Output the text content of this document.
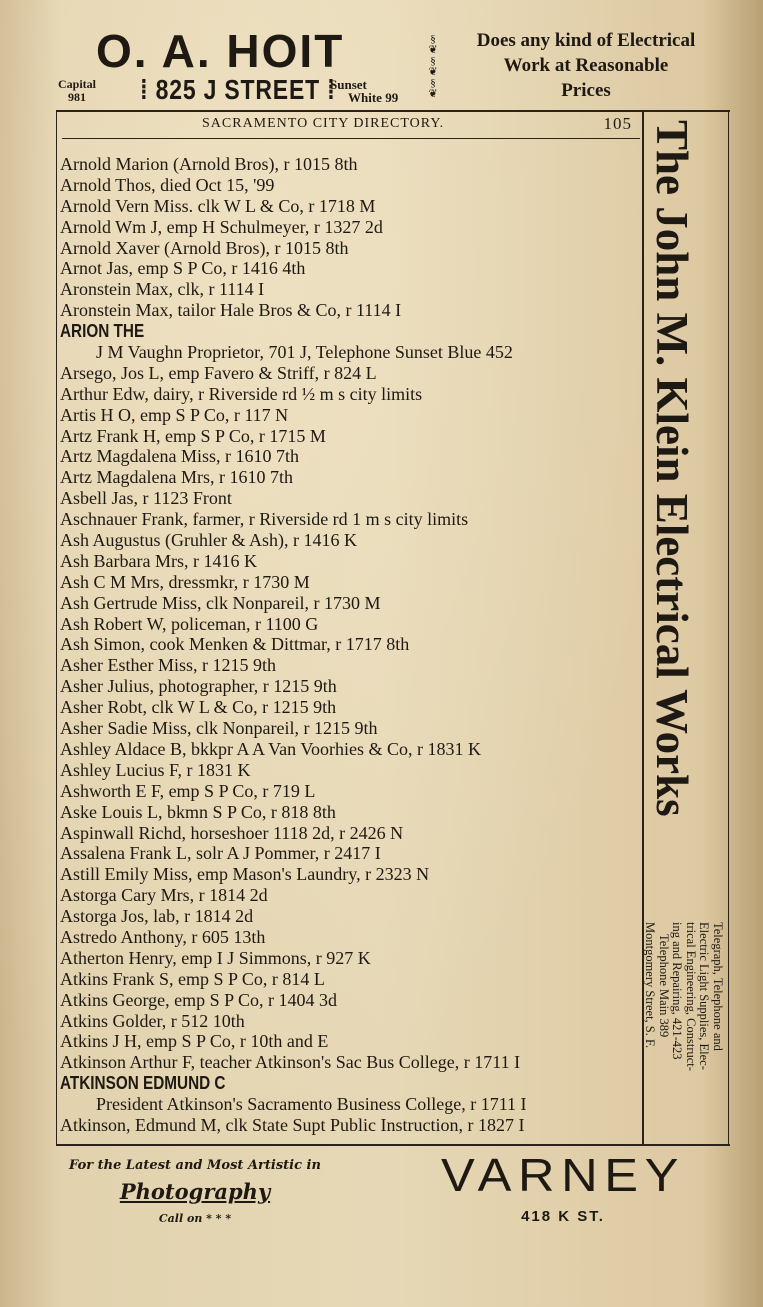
O. A. HOIT
Capital
981	⁞ 825 J STREET ⁞
Sunset
White 99
§
❦
§
❦
§
❦
Does any kind of Electrical
Work at Reasonable
Prices
SACRAMENTO CITY DIRECTORY.	105
Arnold Marion (Arnold Bros), r 1015 8th
Arnold Thos, died Oct 15, '99
Arnold Vern Miss. clk W L & Co, r 1718 M
Arnold Wm J, emp H Schulmeyer, r 1327 2d
Arnold Xaver (Arnold Bros), r 1015 8th
Arnot Jas, emp S P Co, r 1416 4th
Aronstein Max, clk, r 1114 I
Aronstein Max, tailor Hale Bros & Co, r 1114 I
ARION THE
J M Vaughn Proprietor, 701 J, Telephone Sunset Blue 452
Arsego, Jos L, emp Favero & Striff, r 824 L
Arthur Edw, dairy, r Riverside rd ½ m s city limits
Artis H O, emp S P Co, r 117 N
Artz Frank H, emp S P Co, r 1715 M
Artz Magdalena Miss, r 1610 7th
Artz Magdalena Mrs, r 1610 7th
Asbell Jas, r 1123 Front
Aschnauer Frank, farmer, r Riverside rd 1 m s city limits
Ash Augustus (Gruhler & Ash), r 1416 K
Ash Barbara Mrs, r 1416 K
Ash C M Mrs, dressmkr, r 1730 M
Ash Gertrude Miss, clk Nonpareil, r 1730 M
Ash Robert W, policeman, r 1100 G
Ash Simon, cook Menken & Dittmar, r 1717 8th
Asher Esther Miss, r 1215 9th
Asher Julius, photographer, r 1215 9th
Asher Robt, clk W L & Co, r 1215 9th
Asher Sadie Miss, clk Nonpareil, r 1215 9th
Ashley Aldace B, bkkpr A A Van Voorhies & Co, r 1831 K
Ashley Lucius F, r 1831 K
Ashworth E F, emp S P Co, r 719 L
Aske Louis L, bkmn S P Co, r 818 8th
Aspinwall Richd, horseshoer 1118 2d, r 2426 N
Assalena Frank L, solr A J Pommer, r 2417 I
Astill Emily Miss, emp Mason's Laundry, r 2323 N
Astorga Cary Mrs, r 1814 2d
Astorga Jos, lab, r 1814 2d
Astredo Anthony, r 605 13th
Atherton Henry, emp I J Simmons, r 927 K
Atkins Frank S, emp S P Co, r 814 L
Atkins George, emp S P Co, r 1404 3d
Atkins Golder, r 512 10th
Atkins J H, emp S P Co, r 10th and E
Atkinson Arthur F, teacher Atkinson's Sac Bus College, r 1711 I
ATKINSON EDMUND C
President Atkinson's Sacramento Business College, r 1711 I
Atkinson, Edmund M, clk State Supt Public Instruction, r 1827 I
The John M. Klein Electrical Works
Telegraph, Telephone and
Electric Light Supplies, Elec-
trical Engineering, Construct-
ing and Repairing, 421-423
Telephone Main 389
Montgomery Street, S. F.
For the Latest and Most Artistic in
Photography
Call on * * *
VARNEY
418 K ST.
